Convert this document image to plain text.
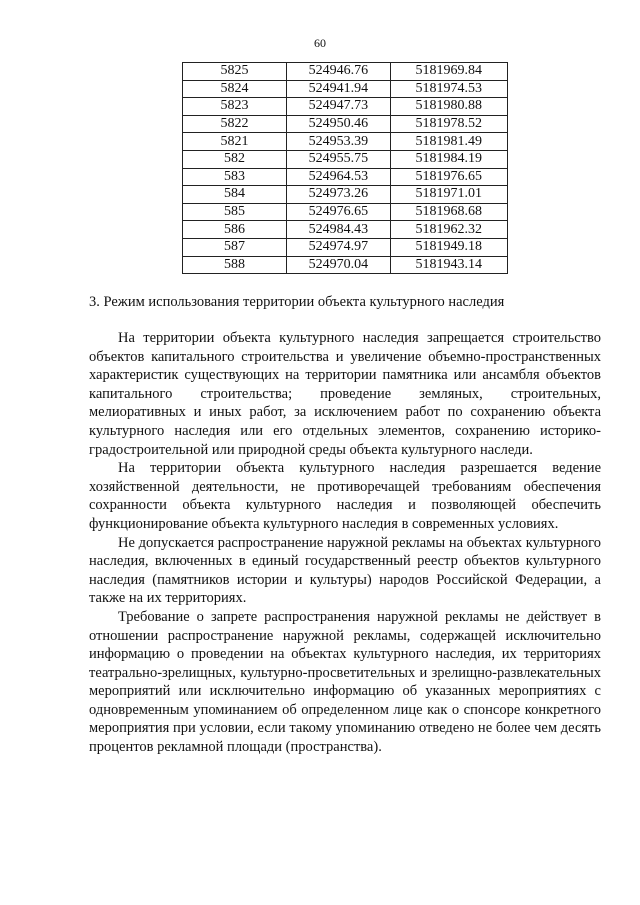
60
5825	524946.76	5181969.84
5824	524941.94	5181974.53
5823	524947.73	5181980.88
5822	524950.46	5181978.52
5821	524953.39	5181981.49
582	524955.75	5181984.19
583	524964.53	5181976.65
584	524973.26	5181971.01
585	524976.65	5181968.68
586	524984.43	5181962.32
587	524974.97	5181949.18
588	524970.04	5181943.14
3. Режим использования территории объекта культурного наследия

На территории объекта культурного наследия запрещается строительство объектов капитального строительства и увеличение объемно-пространственных характеристик существующих на территории памятника или ансамбля объектов капитального строительства; проведение земляных, строительных, мелиоративных и иных работ, за исключением работ по сохранению объекта культурного наследия или его отдельных элементов, сохранению историко-градостроительной или природной среды объекта культурного наследи.

На территории объекта культурного наследия разрешается ведение хозяйственной деятельности, не противоречащей требованиям обеспечения сохранности объекта культурного наследия и позволяющей обеспечить функционирование объекта культурного наследия в современных условиях.

Не допускается распространение наружной рекламы на объектах культурного наследия, включенных в единый государственный реестр объектов культурного наследия (памятников истории и культуры) народов Российской Федерации, а также на их территориях.

Требование о запрете распространения наружной рекламы не действует в отношении распространение наружной рекламы, содержащей исключительно информацию о проведении на объектах культурного наследия, их территориях театрально-зрелищных, культурно-просветительных и зрелищно-развлекательных мероприятий или исключительно информацию об указанных мероприятиях с одновременным упоминанием об определенном лице как о спонсоре конкретного мероприятия при условии, если такому упоминанию отведено не более чем десять процентов рекламной площади (пространства).
